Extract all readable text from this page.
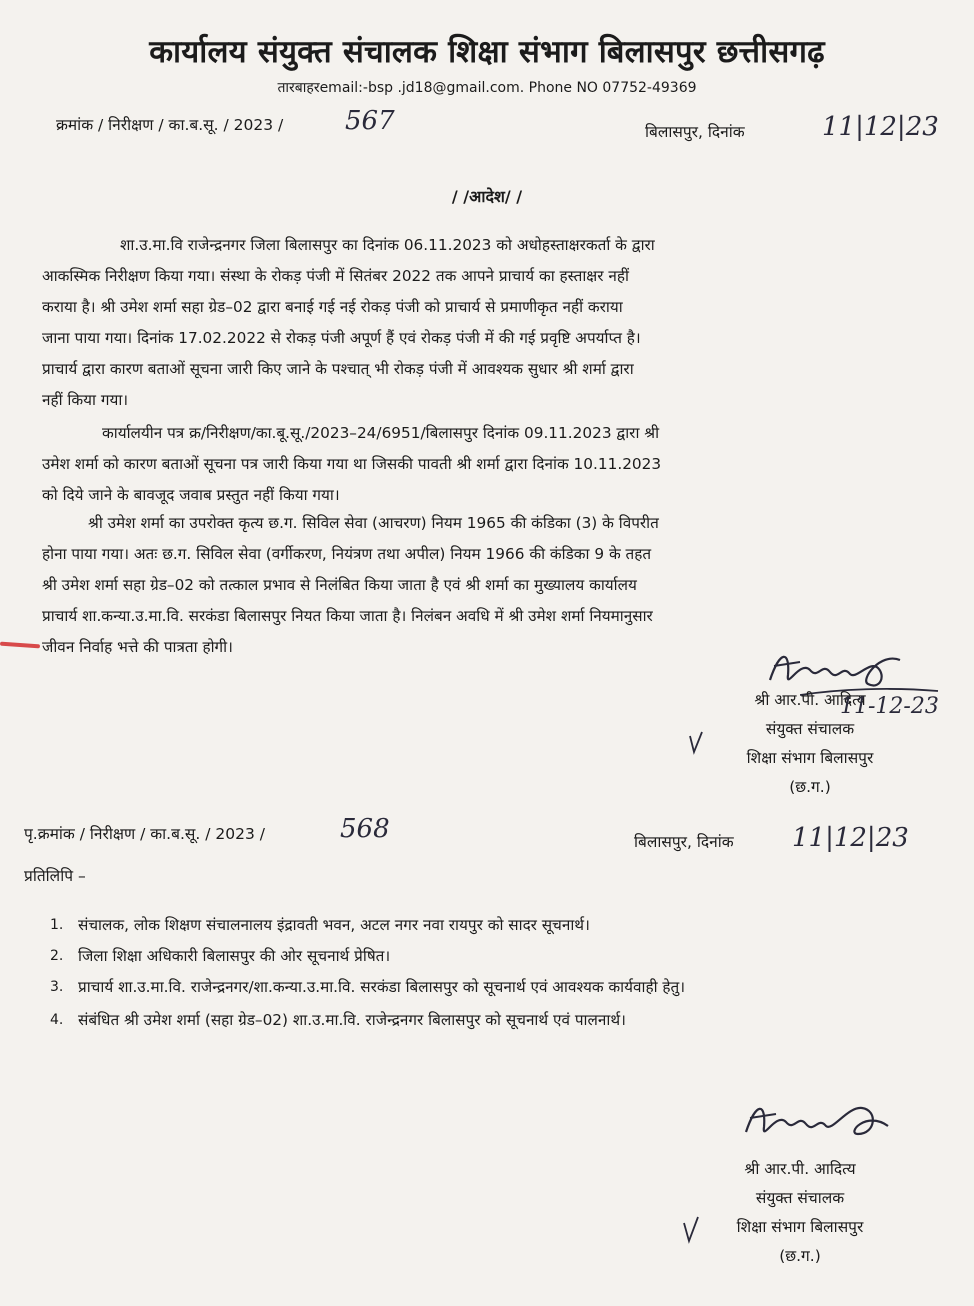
कार्यालय संयुक्त संचालक शिक्षा संभाग बिलासपुर छत्तीसगढ़
तारबाहरemail:-bsp .jd18@gmail.com. Phone NO 07752-49369
क्रमांक / निरीक्षण / का.ब.सू. / 2023 / 567	बिलासपुर, दिनांक	11|12|23
/ /आदेश/ /
शा.उ.मा.वि राजेन्द्रनगर जिला बिलासपुर का दिनांक 06.11.2023 को अधोहस्ताक्षरकर्ता के द्वारा
आकस्मिक निरीक्षण किया गया। संस्था के रोकड़ पंजी में सितंबर 2022 तक आपने प्राचार्य का हस्ताक्षर नहीं
कराया है। श्री उमेश शर्मा सहा ग्रेड–02 द्वारा बनाई गई नई रोकड़ पंजी को प्राचार्य से प्रमाणीकृत नहीं कराया
जाना पाया गया। दिनांक 17.02.2022 से रोकड़ पंजी अपूर्ण हैं एवं रोकड़ पंजी में की गई प्रवृष्टि अपर्याप्त है।
प्राचार्य द्वारा कारण बताओं सूचना जारी किए जाने के पश्चात् भी रोकड़ पंजी में आवश्यक सुधार श्री शर्मा द्वारा
नहीं किया गया।
कार्यालयीन पत्र क्र/निरीक्षण/का.बू.सू./2023–24/6951/बिलासपुर दिनांक 09.11.2023 द्वारा श्री
उमेश शर्मा को कारण बताओं सूचना पत्र जारी किया गया था जिसकी पावती श्री शर्मा द्वारा दिनांक 10.11.2023
को दिये जाने के बावजूद जवाब प्रस्तुत नहीं किया गया।
श्री उमेश शर्मा का उपरोक्त कृत्य छ.ग. सिविल सेवा (आचरण) नियम 1965 की कंडिका (3) के विपरीत
होना पाया गया। अतः छ.ग. सिविल सेवा (वर्गीकरण, नियंत्रण तथा अपील) नियम 1966 की कंडिका 9 के तहत
श्री उमेश शर्मा सहा ग्रेड–02 को तत्काल प्रभाव से निलंबित किया जाता है एवं श्री शर्मा का मुख्यालय कार्यालय
प्राचार्य शा.कन्या.उ.मा.वि. सरकंडा बिलासपुर नियत किया जाता है। निलंबन अवधि में श्री उमेश शर्मा नियमानुसार
जीवन निर्वाह भत्ते की पात्रता होगी।
श्री आर.पी. आदित्य
संयुक्त संचालक
शिक्षा संभाग बिलासपुर
(छ.ग.)
11-12-23
पृ.क्रमांक / निरीक्षण / का.ब.सू. / 2023 /	568	बिलासपुर, दिनांक 11|12|23
प्रतिलिपि –
1. संचालक, लोक शिक्षण संचालनालय इंद्रावती भवन, अटल नगर नवा रायपुर को सादर सूचनार्थ।
2. जिला शिक्षा अधिकारी बिलासपुर की ओर सूचनार्थ प्रेषित।
3. प्राचार्य शा.उ.मा.वि. राजेन्द्रनगर/शा.कन्या.उ.मा.वि. सरकंडा बिलासपुर को सूचनार्थ एवं आवश्यक कार्यवाही हेतु।
4. संबंधित श्री उमेश शर्मा (सहा ग्रेड–02) शा.उ.मा.वि. राजेन्द्रनगर बिलासपुर को सूचनार्थ एवं पालनार्थ।
श्री आर.पी. आदित्य
संयुक्त संचालक
शिक्षा संभाग बिलासपुर
(छ.ग.)
